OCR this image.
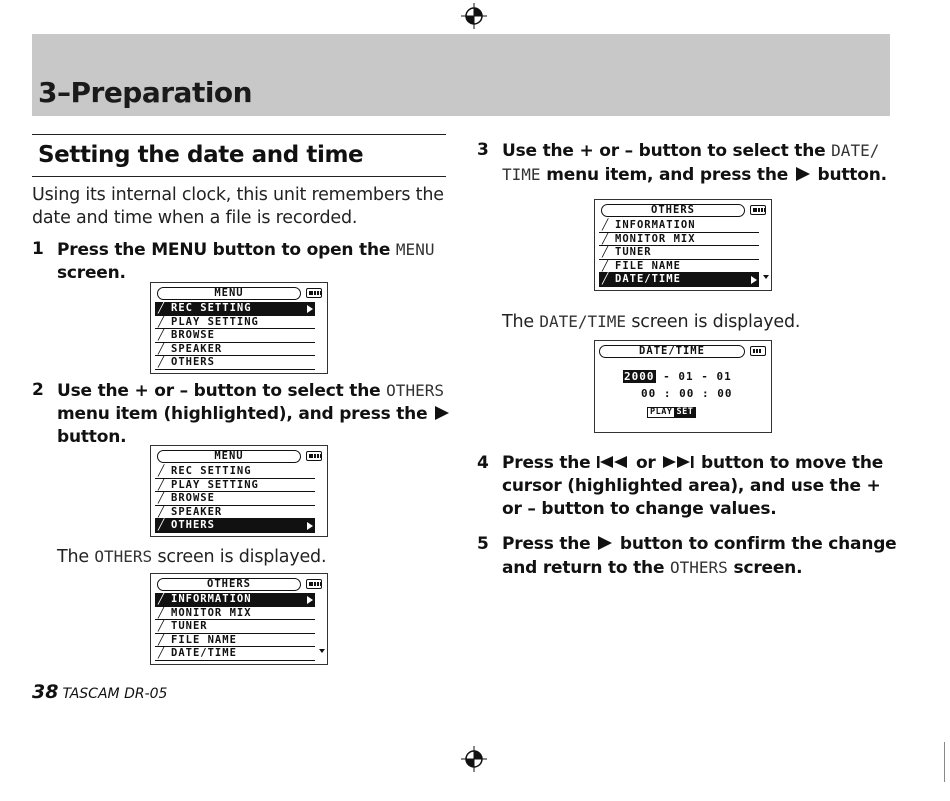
3–Preparation
Setting the date and time
Using its internal clock, this unit remembers the date and time when a file is recorded.
1 Press the MENU button to open the MENU screen.
MENU
╱ REC SETTING
╱ PLAY SETTING
╱ BROWSE
╱ SPEAKER
╱ OTHERS
2 Use the + or – button to select the OTHERS menu item (highlighted), and press the  button.
MENU
╱ REC SETTING
╱ PLAY SETTING
╱ BROWSE
╱ SPEAKER
╱ OTHERS
The OTHERS screen is displayed.
OTHERS
╱ INFORMATION
╱ MONITOR MIX
╱ TUNER
╱ FILE NAME
╱ DATE/TIME
3 Use the + or – button to select the DATE/
TIME menu item, and press the  button.
OTHERS
╱ INFORMATION
╱ MONITOR MIX
╱ TUNER
╱ FILE NAME
╱ DATE/TIME
The DATE/TIME screen is displayed.
DATE/TIME
2000 - 01 - 01
00 : 00 : 00
PLAY SET
4 Press the  or	button to move the cursor (highlighted area), and use the + or – button to change values.
5 Press the  button to confirm the change and return to the OTHERS screen.
38 TASCAM DR-05
